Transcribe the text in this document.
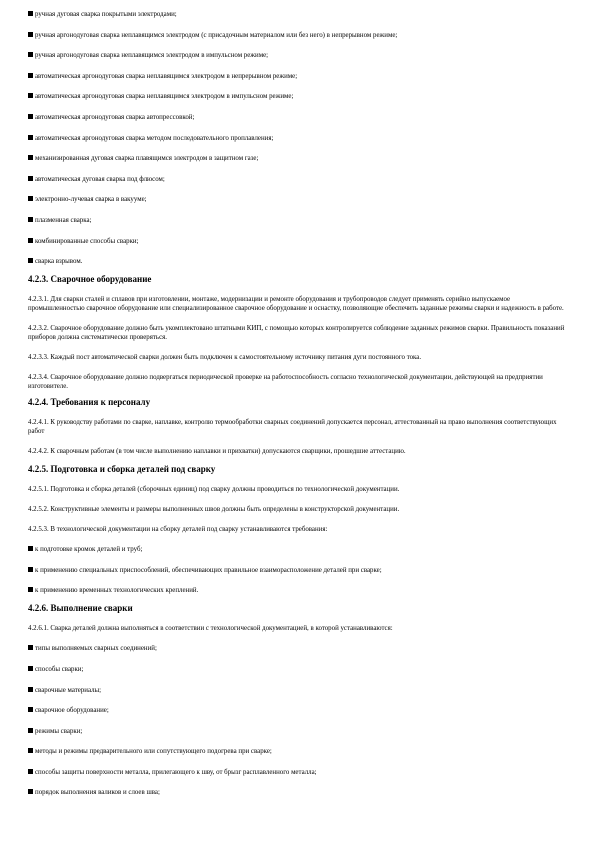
ручная дуговая сварка покрытыми электродами;
ручная аргонодуговая сварка неплавящимся электродом (с присадочным материалом или без него) в непрерывном режиме;
ручная аргонодуговая сварка неплавящимся электродом в импульсном режиме;
автоматическая аргонодуговая сварка неплавящимся электродом в непрерывном режиме;
автоматическая аргонодуговая сварка неплавящимся электродом в импульсном режиме;
автоматическая аргонодуговая сварка автопрессовкой;
автоматическая аргонодуговая сварка методом последовательного проплавления;
механизированная дуговая сварка плавящимся электродом в защитном газе;
автоматическая дуговая сварка под флюсом;
электронно-лучевая сварка в вакууме;
плазменная сварка;
комбинированные способы сварки;
сварка взрывом.
4.2.3. Сварочное оборудование
4.2.3.1. Для сварки сталей и сплавов при изготовлении, монтаже, модернизации и ремонте оборудования и трубопроводов следует применять серийно выпускаемое промышленностью сварочное оборудование или специализированное сварочное оборудование и оснастку, позволяющие обеспечить заданные режимы сварки и надежность в работе.
4.2.3.2. Сварочное оборудование должно быть укомплектовано штатными КИП, с помощью которых контролируется соблюдение заданных режимов сварки. Правильность показаний приборов должна систематически проверяться.
4.2.3.3. Каждый пост автоматической сварки должен быть подключен к самостоятельному источнику питания дуги постоянного тока.
4.2.3.4. Сварочное оборудование должно подвергаться периодической проверке на работоспособность согласно технологической документации, действующей на предприятии изготовителе.
4.2.4. Требования к персоналу
4.2.4.1. К руководству работами по сварке, наплавке, контролю термообработки сварных соединений допускается персонал, аттестованный на право выполнения соответствующих работ
4.2.4.2. К сварочным работам (в том числе выполнению наплавки и прихватки) допускаются сварщики, прошедшие аттестацию.
4.2.5. Подготовка и сборка деталей под сварку
4.2.5.1. Подготовка и сборка деталей (сборочных единиц) под сварку должны проводиться по технологической документации.
4.2.5.2. Конструктивные элементы и размеры выполненных швов должны быть определены в конструкторской документации.
4.2.5.3. В технологической документации на сборку деталей под сварку устанавливаются требования:
к подготовке кромок деталей и труб;
к применению специальных приспособлений, обеспечивающих правильное взаиморасположение деталей при сварке;
к применению временных технологических креплений.
4.2.6. Выполнение сварки
4.2.6.1. Сварка деталей должна выполняться в соответствии с технологической документацией, в которой устанавливаются:
типы выполняемых сварных соединений;
способы сварки;
сварочные материалы;
сварочное оборудование;
режимы сварки;
методы и режимы предварительного или сопутствующего подогрева при сварке;
способы защиты поверхности металла, прилегающего к шву, от брызг расплавленного металла;
порядок выполнения валиков и слоев шва;
